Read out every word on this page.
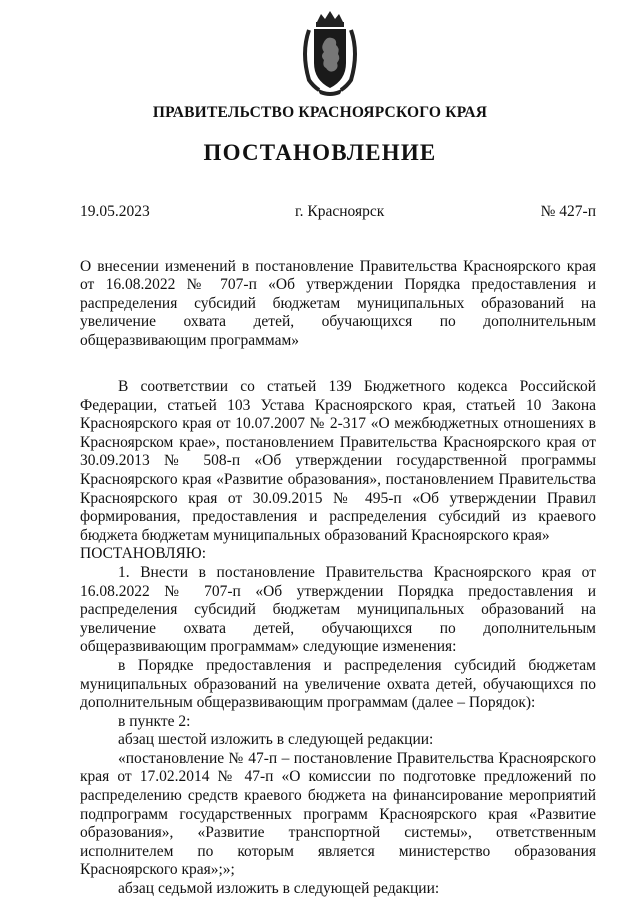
ПРАВИТЕЛЬСТВО КРАСНОЯРСКОГО КРАЯ
ПОСТАНОВЛЕНИЕ
19.05.2023	г. Красноярск	№ 427-п
О внесении изменений в постановление Правительства Красноярского края от 16.08.2022 № 707-п «Об утверждении Порядка предоставления и распределения субсидий бюджетам муниципальных образований на увеличение охвата детей, обучающихся по дополнительным общеразвивающим программам»

В соответствии со статьей 139 Бюджетного кодекса Российской Федерации, статьей 103 Устава Красноярского края, статьей 10 Закона Красноярского края от 10.07.2007 № 2-317 «О межбюджетных отношениях в Красноярском крае», постановлением Правительства Красноярского края от 30.09.2013 № 508-п «Об утверждении государственной программы Красноярского края «Развитие образования», постановлением Правительства Красноярского края от 30.09.2015 № 495-п «Об утверждении Правил формирования, предоставления и распределения субсидий из краевого бюджета бюджетам муниципальных образований Красноярского края»

ПОСТАНОВЛЯЮ:

1. Внести в постановление Правительства Красноярского края от 16.08.2022 № 707-п «Об утверждении Порядка предоставления и распределения субсидий бюджетам муниципальных образований на увеличение охвата детей, обучающихся по дополнительным общеразвивающим программам» следующие изменения:

в Порядке предоставления и распределения субсидий бюджетам муниципальных образований на увеличение охвата детей, обучающихся по дополнительным общеразвивающим программам (далее – Порядок):

в пункте 2:

абзац шестой изложить в следующей редакции:

«постановление № 47-п – постановление Правительства Красноярского края от 17.02.2014 № 47-п «О комиссии по подготовке предложений по распределению средств краевого бюджета на финансирование мероприятий подпрограмм государственных программ Красноярского края «Развитие образования», «Развитие транспортной системы», ответственным исполнителем по которым является министерство образования Красноярского края»;»;

абзац седьмой изложить в следующей редакции:
